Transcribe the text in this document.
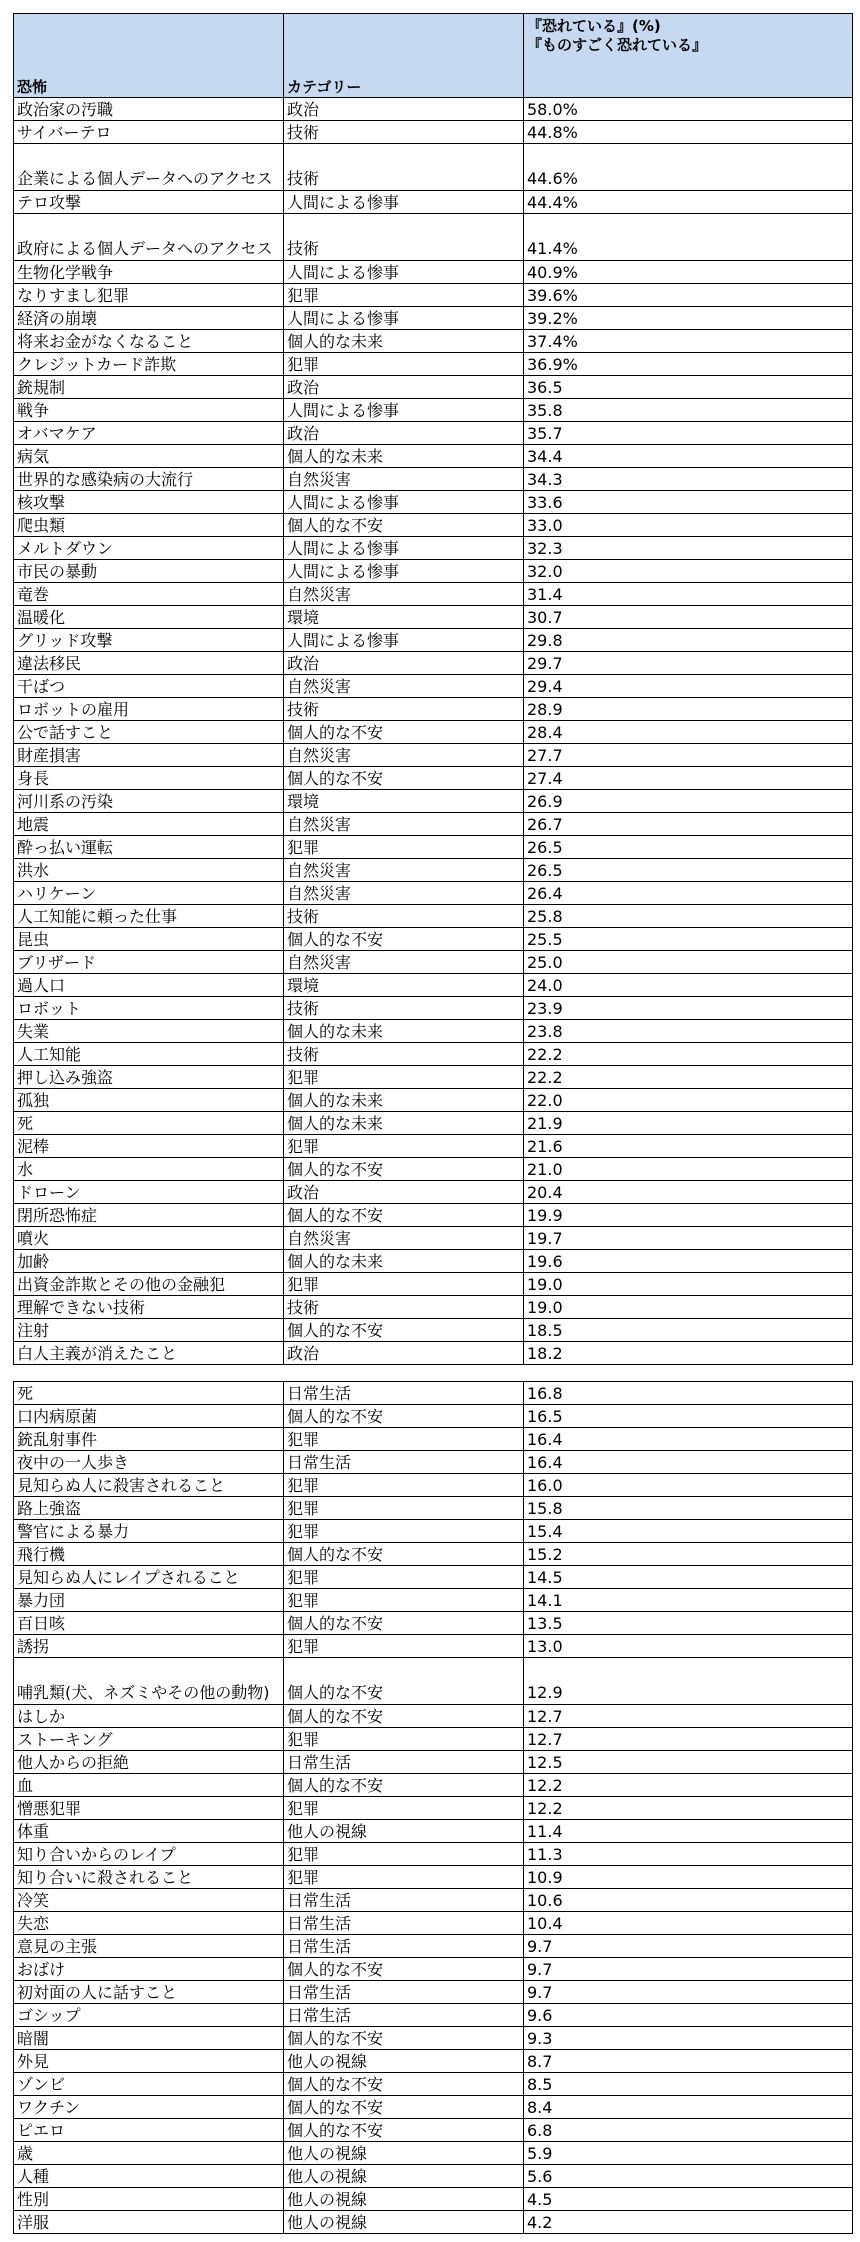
恐怖	カテゴリー	『恐れている』(%)
『ものすごく恐れている』

政治家の汚職	政治	58.0%
サイバーテロ	技術	44.8%
企業による個人データへのアクセス	技術	44.6%
テロ攻撃	人間による惨事	44.4%
政府による個人データへのアクセス	技術	41.4%
生物化学戦争	人間による惨事	40.9%
なりすまし犯罪	犯罪	39.6%
経済の崩壊	人間による惨事	39.2%
将来お金がなくなること	個人的な未来	37.4%
クレジットカード詐欺	犯罪	36.9%
銃規制	政治	36.5
戦争	人間による惨事	35.8
オバマケア	政治	35.7
病気	個人的な未来	34.4
世界的な感染病の大流行	自然災害	34.3
核攻撃	人間による惨事	33.6
爬虫類	個人的な不安	33.0
メルトダウン	人間による惨事	32.3
市民の暴動	人間による惨事	32.0
竜巻	自然災害	31.4
温暖化	環境	30.7
グリッド攻撃	人間による惨事	29.8
違法移民	政治	29.7
干ばつ	自然災害	29.4
ロボットの雇用	技術	28.9
公で話すこと	個人的な不安	28.4
財産損害	自然災害	27.7
身長	個人的な不安	27.4
河川系の汚染	環境	26.9
地震	自然災害	26.7
酔っ払い運転	犯罪	26.5
洪水	自然災害	26.5
ハリケーン	自然災害	26.4
人工知能に頼った仕事	技術	25.8
昆虫	個人的な不安	25.5
ブリザード	自然災害	25.0
過人口	環境	24.0
ロボット	技術	23.9
失業	個人的な未来	23.8
人工知能	技術	22.2
押し込み強盗	犯罪	22.2
孤独	個人的な未来	22.0
死	個人的な未来	21.9
泥棒	犯罪	21.6
水	個人的な不安	21.0
ドローン	政治	20.4
閉所恐怖症	個人的な不安	19.9
噴火	自然災害	19.7
加齢	個人的な未来	19.6
出資金詐欺とその他の金融犯	犯罪	19.0
理解できない技術	技術	19.0
注射	個人的な不安	18.5
白人主義が消えたこと	政治	18.2

死	日常生活	16.8
口内病原菌	個人的な不安	16.5
銃乱射事件	犯罪	16.4
夜中の一人歩き	日常生活	16.4
見知らぬ人に殺害されること	犯罪	16.0
路上強盗	犯罪	15.8
警官による暴力	犯罪	15.4
飛行機	個人的な不安	15.2
見知らぬ人にレイプされること	犯罪	14.5
暴力団	犯罪	14.1
百日咳	個人的な不安	13.5
誘拐	犯罪	13.0
哺乳類(犬、ネズミやその他の動物)	個人的な不安	12.9
はしか	個人的な不安	12.7
ストーキング	犯罪	12.7
他人からの拒絶	日常生活	12.5
血	個人的な不安	12.2
憎悪犯罪	犯罪	12.2
体重	他人の視線	11.4
知り合いからのレイプ	犯罪	11.3
知り合いに殺されること	犯罪	10.9
冷笑	日常生活	10.6
失恋	日常生活	10.4
意見の主張	日常生活	9.7
おばけ	個人的な不安	9.7
初対面の人に話すこと	日常生活	9.7
ゴシップ	日常生活	9.6
暗闇	個人的な不安	9.3
外見	他人の視線	8.7
ゾンビ	個人的な不安	8.5
ワクチン	個人的な不安	8.4
ピエロ	個人的な不安	6.8
歳	他人の視線	5.9
人種	他人の視線	5.6
性別	他人の視線	4.5
洋服	他人の視線	4.2
